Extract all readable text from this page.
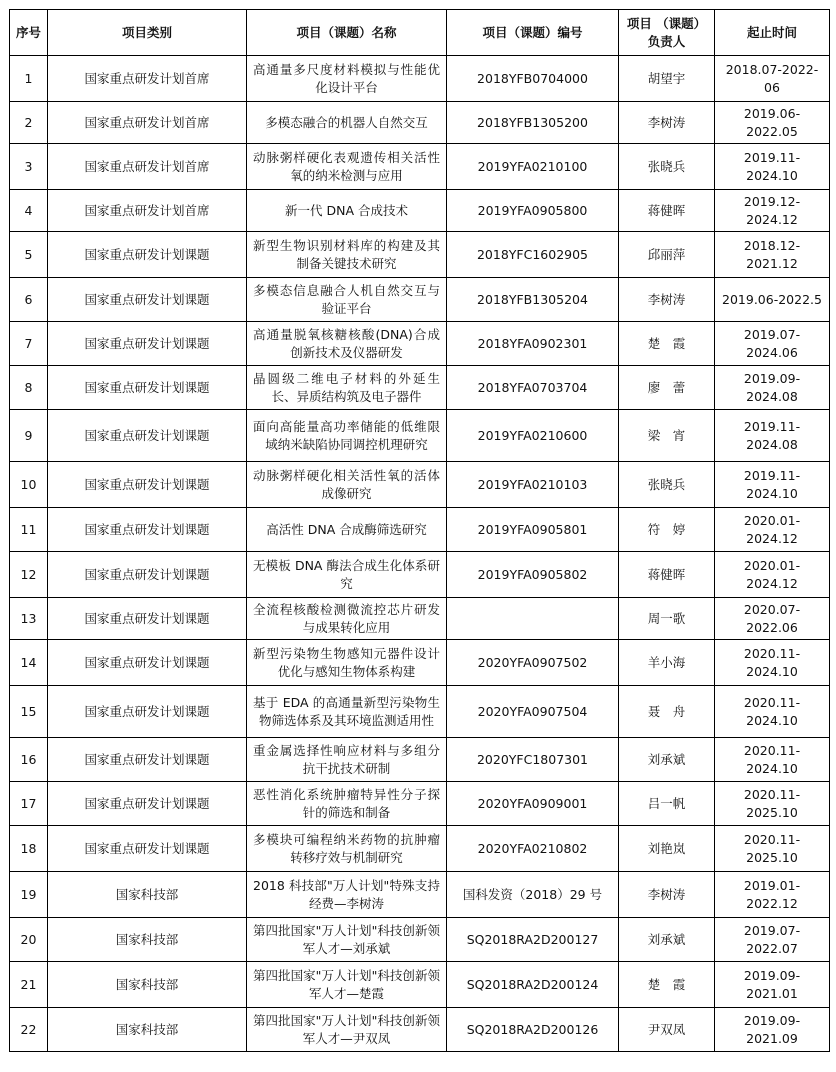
序号	项目类别	项目（课题）名称	项目（课题）编号	项目 （课题）负责人	起止时间
1	国家重点研发计划首席	高通量多尺度材料模拟与性能优化设计平台	2018YFB0704000	胡望宇	2018.07-2022-06
2	国家重点研发计划首席	多模态融合的机器人自然交互	2018YFB1305200	李树涛	2019.06-2022.05
3	国家重点研发计划首席	动脉粥样硬化表观遗传相关活性氧的纳米检测与应用	2019YFA0210100	张晓兵	2019.11-2024.10
4	国家重点研发计划首席	新一代 DNA 合成技术	2019YFA0905800	蒋健晖	2019.12-2024.12
5	国家重点研发计划课题	新型生物识别材料库的构建及其制备关键技术研究	2018YFC1602905	邱丽萍	2018.12-2021.12
6	国家重点研发计划课题	多模态信息融合人机自然交互与验证平台	2018YFB1305204	李树涛	2019.06-2022.5
7	国家重点研发计划课题	高通量脱氧核糖核酸(DNA)合成创新技术及仪器研发	2018YFA0902301	楚　霞	2019.07-2024.06
8	国家重点研发计划课题	晶圆级二维电子材料的外延生长、异质结构筑及电子器件	2018YFA0703704	廖　蕾	2019.09-2024.08
9	国家重点研发计划课题	面向高能量高功率储能的低维限域纳米缺陷协同调控机理研究	2019YFA0210600	梁　宵	2019.11-2024.08
10	国家重点研发计划课题	动脉粥样硬化相关活性氧的活体成像研究	2019YFA0210103	张晓兵	2019.11-2024.10
11	国家重点研发计划课题	高活性 DNA 合成酶筛选研究	2019YFA0905801	符　婷	2020.01-2024.12
12	国家重点研发计划课题	无模板 DNA 酶法合成生化体系研究	2019YFA0905802	蒋健晖	2020.01-2024.12
13	国家重点研发计划课题	全流程核酸检测微流控芯片研发与成果转化应用		周一歌	2020.07-2022.06
14	国家重点研发计划课题	新型污染物生物感知元器件设计优化与感知生物体系构建	2020YFA0907502	羊小海	2020.11-2024.10
15	国家重点研发计划课题	基于 EDA 的高通量新型污染物生物筛选体系及其环境监测适用性	2020YFA0907504	聂　舟	2020.11-2024.10
16	国家重点研发计划课题	重金属选择性响应材料与多组分抗干扰技术研制	2020YFC1807301	刘承斌	2020.11-2024.10
17	国家重点研发计划课题	恶性消化系统肿瘤特异性分子探针的筛选和制备	2020YFA0909001	吕一帆	2020.11-2025.10
18	国家重点研发计划课题	多模块可编程纳米药物的抗肿瘤转移疗效与机制研究	2020YFA0210802	刘艳岚	2020.11-2025.10
19	国家科技部	2018 科技部"万人计划"特殊支持经费—李树涛	国科发资（2018）29 号	李树涛	2019.01-2022.12
20	国家科技部	第四批国家"万人计划"科技创新领军人才—刘承斌	SQ2018RA2D200127	刘承斌	2019.07-2022.07
21	国家科技部	第四批国家"万人计划"科技创新领军人才—楚霞	SQ2018RA2D200124	楚　霞	2019.09-2021.01
22	国家科技部	第四批国家"万人计划"科技创新领军人才—尹双凤	SQ2018RA2D200126	尹双凤	2019.09-2021.09
